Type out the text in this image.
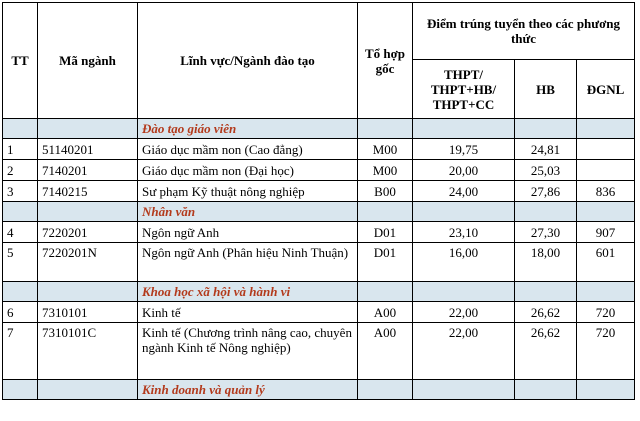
TT	Mã ngành	Lĩnh vực/Ngành đào tạo	Tổ hợp gốc	Điểm trúng tuyển theo các phương thức		
				THPT/ THPT+HB/ THPT+CC	HB	ĐGNL
		Đào tạo giáo viên				
1	51140201	Giáo dục mầm non (Cao đẳng)	M00	19,75	24,81	
2	7140201	Giáo dục mầm non (Đại học)	M00	20,00	25,03	
3	7140215	Sư phạm Kỹ thuật nông nghiệp	B00	24,00	27,86	836
		Nhân văn				
4	7220201	Ngôn ngữ Anh	D01	23,10	27,30	907
5	7220201N	Ngôn ngữ Anh (Phân hiệu Ninh Thuận)	D01	16,00	18,00	601
		Khoa học xã hội và hành vi				
6	7310101	Kinh tế	A00	22,00	26,62	720
7	7310101C	Kinh tế (Chương trình nâng cao, chuyên ngành Kinh tế Nông nghiệp)	A00	22,00	26,62	720
		Kinh doanh và quản lý				
